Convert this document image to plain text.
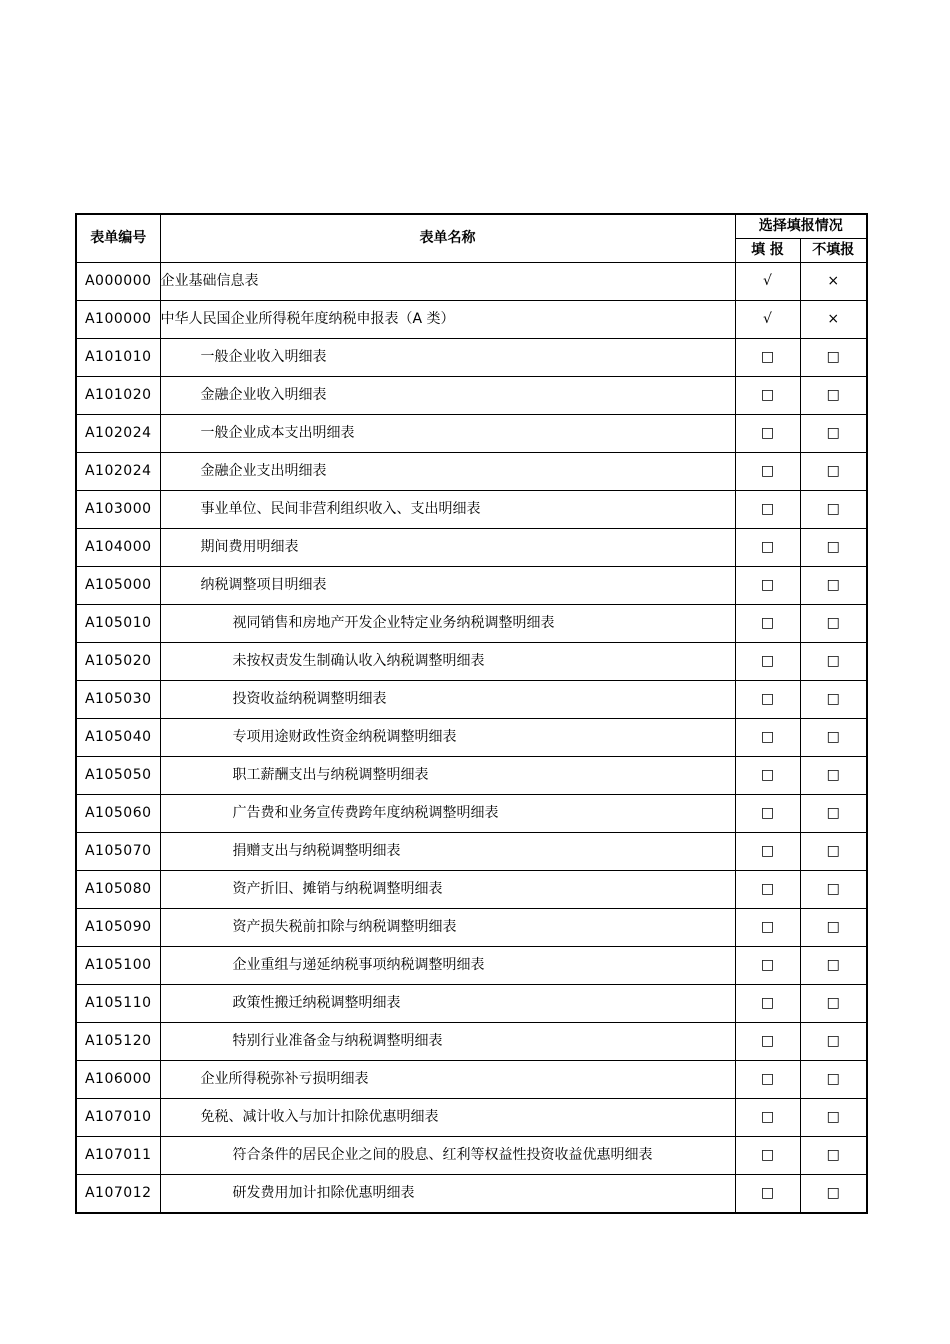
表单编号	表单名称	选择填报情况	
		填 报	不填报
A000000	企业基础信息表	√	×
A100000	中华人民国企业所得税年度纳税申报表（A 类）	√	×
A101010	一般企业收入明细表	□	□
A101020	金融企业收入明细表	□	□
A102024	一般企业成本支出明细表	□	□
A102024	金融企业支出明细表	□	□
A103000	事业单位、民间非营利组织收入、支出明细表	□	□
A104000	期间费用明细表	□	□
A105000	纳税调整项目明细表	□	□
A105010	视同销售和房地产开发企业特定业务纳税调整明细表	□	□
A105020	未按权责发生制确认收入纳税调整明细表	□	□
A105030	投资收益纳税调整明细表	□	□
A105040	专项用途财政性资金纳税调整明细表	□	□
A105050	职工薪酬支出与纳税调整明细表	□	□
A105060	广告费和业务宣传费跨年度纳税调整明细表	□	□
A105070	捐赠支出与纳税调整明细表	□	□
A105080	资产折旧、摊销与纳税调整明细表	□	□
A105090	资产损失税前扣除与纳税调整明细表	□	□
A105100	企业重组与递延纳税事项纳税调整明细表	□	□
A105110	政策性搬迁纳税调整明细表	□	□
A105120	特别行业准备金与纳税调整明细表	□	□
A106000	企业所得税弥补亏损明细表	□	□
A107010	免税、减计收入与加计扣除优惠明细表	□	□
A107011	符合条件的居民企业之间的股息、红利等权益性投资收益优惠明细表	□	□
A107012	研发费用加计扣除优惠明细表	□	□
